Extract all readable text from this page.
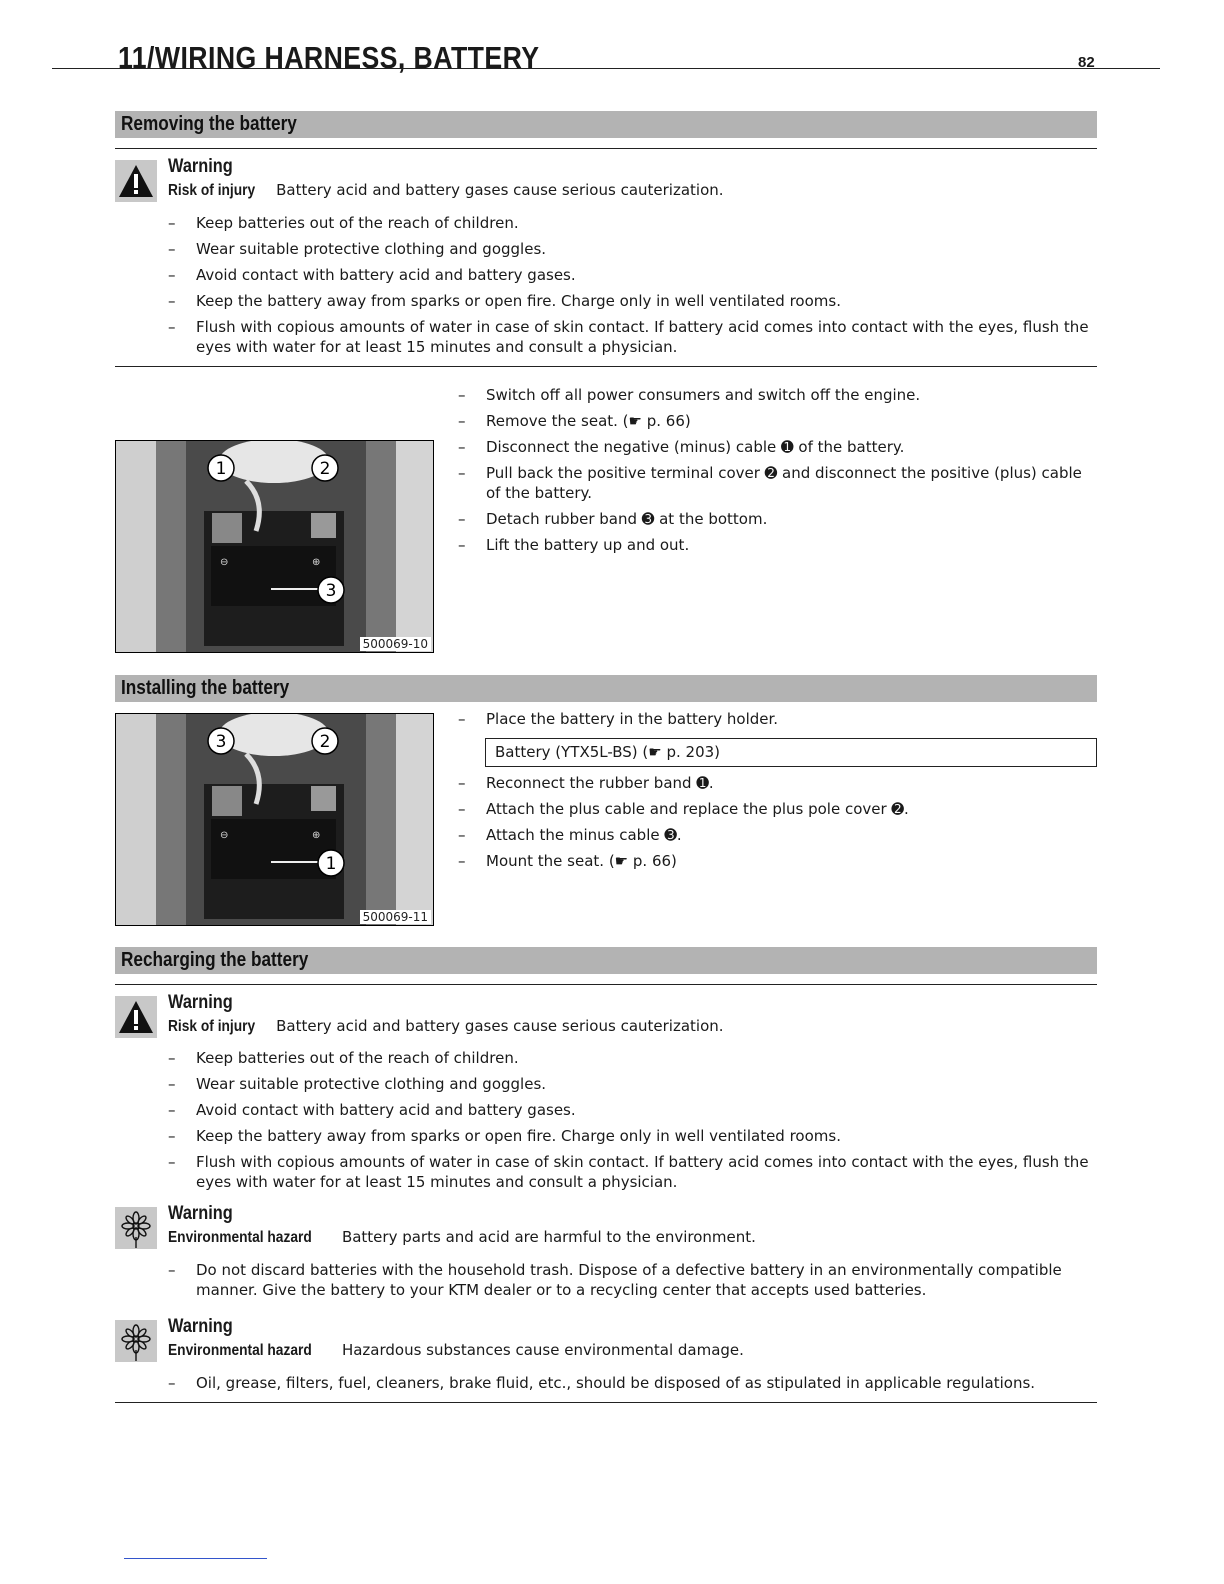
11/WIRING HARNESS, BATTERY	82
Removing the battery
Warning
Risk of injury Battery acid and battery gases cause serious cauterization.
– Keep batteries out of the reach of children.
– Wear suitable protective clothing and goggles.
– Avoid contact with battery acid and battery gases.
– Keep the battery away from sparks or open fire. Charge only in well ventilated rooms.
– Flush with copious amounts of water in case of skin contact. If battery acid comes into contact with the eyes, flush the eyes with water for at least 15 minutes and consult a physician.
⊖	⊕
1	2
3
500069-10
– Switch off all power consumers and switch off the engine.
– Remove the seat. (☛ p. 66)
– Disconnect the negative (minus) cable ➊ of the battery.
– Pull back the positive terminal cover ➋ and disconnect the positive (plus) cable of the battery.
– Detach rubber band ➌ at the bottom.
– Lift the battery up and out.
Installing the battery
⊖	⊕
3	2
1
500069-11
– Place the battery in the battery holder.
Battery (YTX5L-BS) (☛ p. 203)
– Reconnect the rubber band ➊.
– Attach the plus cable and replace the plus pole cover ➋.
– Attach the minus cable ➌.
– Mount the seat. (☛ p. 66)
Recharging the battery
Warning
Risk of injury Battery acid and battery gases cause serious cauterization.
– Keep batteries out of the reach of children.
– Wear suitable protective clothing and goggles.
– Avoid contact with battery acid and battery gases.
– Keep the battery away from sparks or open fire. Charge only in well ventilated rooms.
– Flush with copious amounts of water in case of skin contact. If battery acid comes into contact with the eyes, flush the eyes with water for at least 15 minutes and consult a physician.
Warning
Environmental hazard Battery parts and acid are harmful to the environment.
– Do not discard batteries with the household trash. Dispose of a defective battery in an environmentally compatible manner. Give the battery to your KTM dealer or to a recycling center that accepts used batteries.
Warning
Environmental hazard Hazardous substances cause environmental damage.
– Oil, grease, filters, fuel, cleaners, brake fluid, etc., should be disposed of as stipulated in applicable regulations.
